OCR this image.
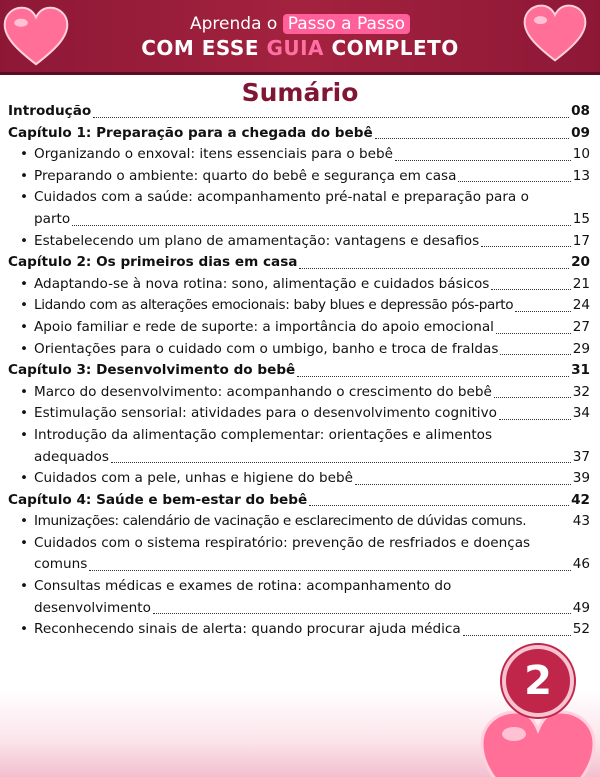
Aprenda o Passo a Passo
COM ESSE GUIA COMPLETO
Sumário
Introdução	08
Capítulo 1: Preparação para a chegada do bebê	09
• Organizando o enxoval: itens essenciais para o bebê	10
• Preparando o ambiente: quarto do bebê e segurança em casa	13
• Cuidados com a saúde: acompanhamento pré-natal e preparação para o
parto	15
• Estabelecendo um plano de amamentação: vantagens e desafios	17
Capítulo 2: Os primeiros dias em casa	20
• Adaptando-se à nova rotina: sono, alimentação e cuidados básicos	21
• Lidando com as alterações emocionais: baby blues e depressão pós-parto	24
• Apoio familiar e rede de suporte: a importância do apoio emocional	27
• Orientações para o cuidado com o umbigo, banho e troca de fraldas	29
Capítulo 3: Desenvolvimento do bebê	31
• Marco do desenvolvimento: acompanhando o crescimento do bebê	32
• Estimulação sensorial: atividades para o desenvolvimento cognitivo	34
• Introdução da alimentação complementar: orientações e alimentos
adequados	37
• Cuidados com a pele, unhas e higiene do bebê	39
Capítulo 4: Saúde e bem-estar do bebê	42
• Imunizações: calendário de vacinação e esclarecimento de dúvidas comuns.	43
• Cuidados com o sistema respiratório: prevenção de resfriados e doenças
comuns	46
• Consultas médicas e exames de rotina: acompanhamento do
desenvolvimento	49
• Reconhecendo sinais de alerta: quando procurar ajuda médica	52
2
